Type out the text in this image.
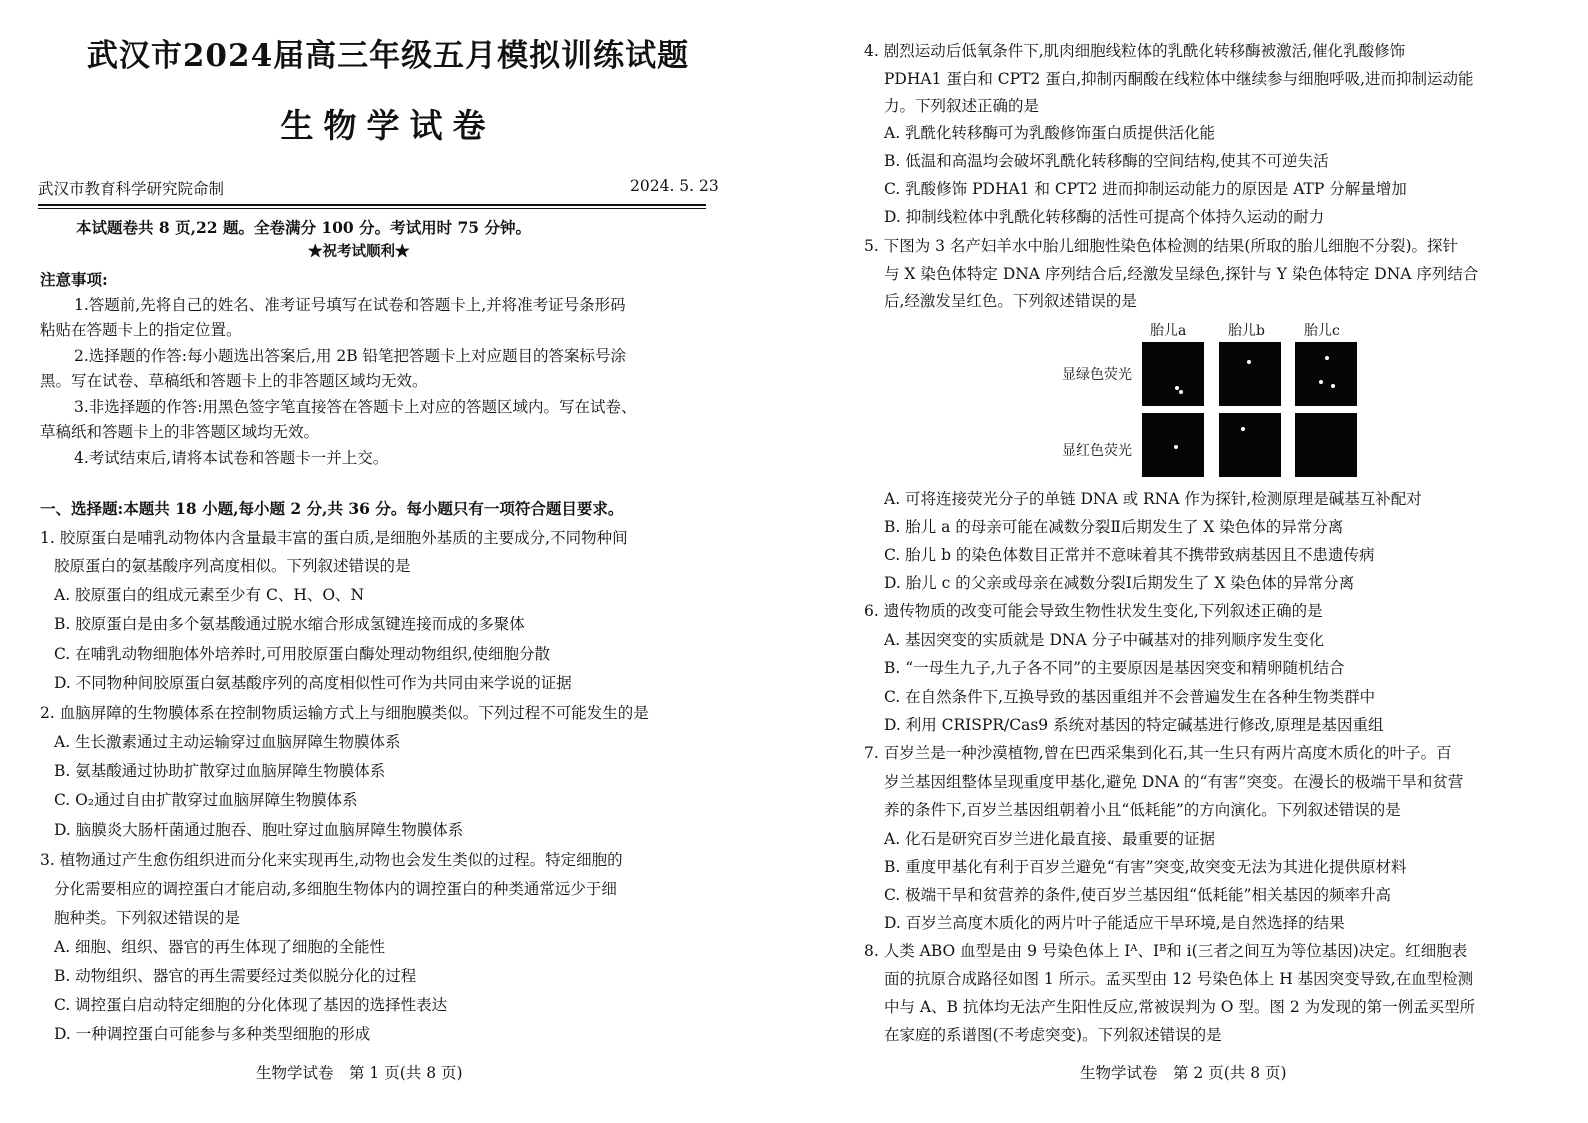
武汉市2024届高三年级五月模拟训练试题
生物学试卷
武汉市教育科学研究院命制	2024. 5. 23
本试题卷共 8 页,22 题。全卷满分 100 分。考试用时 75 分钟。
★祝考试顺利★
注意事项:
1.答题前,先将自己的姓名、准考证号填写在试卷和答题卡上,并将准考证号条形码
粘贴在答题卡上的指定位置。
2.选择题的作答:每小题选出答案后,用 2B 铅笔把答题卡上对应题目的答案标号涂
黑。写在试卷、草稿纸和答题卡上的非答题区域均无效。
3.非选择题的作答:用黑色签字笔直接答在答题卡上对应的答题区域内。写在试卷、
草稿纸和答题卡上的非答题区域均无效。
4.考试结束后,请将本试卷和答题卡一并上交。
一、选择题:本题共 18 小题,每小题 2 分,共 36 分。每小题只有一项符合题目要求。
1. 胶原蛋白是哺乳动物体内含量最丰富的蛋白质,是细胞外基质的主要成分,不同物种间
胶原蛋白的氨基酸序列高度相似。下列叙述错误的是
A. 胶原蛋白的组成元素至少有 C、H、O、N
B. 胶原蛋白是由多个氨基酸通过脱水缩合形成氢键连接而成的多聚体
C. 在哺乳动物细胞体外培养时,可用胶原蛋白酶处理动物组织,使细胞分散
D. 不同物种间胶原蛋白氨基酸序列的高度相似性可作为共同由来学说的证据
2. 血脑屏障的生物膜体系在控制物质运输方式上与细胞膜类似。下列过程不可能发生的是
A. 生长激素通过主动运输穿过血脑屏障生物膜体系
B. 氨基酸通过协助扩散穿过血脑屏障生物膜体系
C. O₂通过自由扩散穿过血脑屏障生物膜体系
D. 脑膜炎大肠杆菌通过胞吞、胞吐穿过血脑屏障生物膜体系
3. 植物通过产生愈伤组织进而分化来实现再生,动物也会发生类似的过程。特定细胞的
分化需要相应的调控蛋白才能启动,多细胞生物体内的调控蛋白的种类通常远少于细
胞种类。下列叙述错误的是
A. 细胞、组织、器官的再生体现了细胞的全能性
B. 动物组织、器官的再生需要经过类似脱分化的过程
C. 调控蛋白启动特定细胞的分化体现了基因的选择性表达
D. 一种调控蛋白可能参与多种类型细胞的形成
生物学试卷　第 1 页(共 8 页)
4. 剧烈运动后低氧条件下,肌肉细胞线粒体的乳酰化转移酶被激活,催化乳酸修饰
PDHA1 蛋白和 CPT2 蛋白,抑制丙酮酸在线粒体中继续参与细胞呼吸,进而抑制运动能
力。下列叙述正确的是
A. 乳酰化转移酶可为乳酸修饰蛋白质提供活化能
B. 低温和高温均会破坏乳酰化转移酶的空间结构,使其不可逆失活
C. 乳酸修饰 PDHA1 和 CPT2 进而抑制运动能力的原因是 ATP 分解量增加
D. 抑制线粒体中乳酰化转移酶的活性可提高个体持久运动的耐力
5. 下图为 3 名产妇羊水中胎儿细胞性染色体检测的结果(所取的胎儿细胞不分裂)。探针
与 X 染色体特定 DNA 序列结合后,经激发呈绿色,探针与 Y 染色体特定 DNA 序列结合
后,经激发呈红色。下列叙述错误的是
胎儿a	胎儿b	胎儿c
显绿色荧光
显红色荧光
A. 可将连接荧光分子的单链 DNA 或 RNA 作为探针,检测原理是碱基互补配对
B. 胎儿 a 的母亲可能在减数分裂Ⅱ后期发生了 X 染色体的异常分离
C. 胎儿 b 的染色体数目正常并不意味着其不携带致病基因且不患遗传病
D. 胎儿 c 的父亲或母亲在减数分裂Ⅰ后期发生了 X 染色体的异常分离
6. 遗传物质的改变可能会导致生物性状发生变化,下列叙述正确的是
A. 基因突变的实质就是 DNA 分子中碱基对的排列顺序发生变化
B. “一母生九子,九子各不同”的主要原因是基因突变和精卵随机结合
C. 在自然条件下,互换导致的基因重组并不会普遍发生在各种生物类群中
D. 利用 CRISPR/Cas9 系统对基因的特定碱基进行修改,原理是基因重组
7. 百岁兰是一种沙漠植物,曾在巴西采集到化石,其一生只有两片高度木质化的叶子。百
岁兰基因组整体呈现重度甲基化,避免 DNA 的“有害”突变。在漫长的极端干旱和贫营
养的条件下,百岁兰基因组朝着小且“低耗能”的方向演化。下列叙述错误的是
A. 化石是研究百岁兰进化最直接、最重要的证据
B. 重度甲基化有利于百岁兰避免“有害”突变,故突变无法为其进化提供原材料
C. 极端干旱和贫营养的条件,使百岁兰基因组“低耗能”相关基因的频率升高
D. 百岁兰高度木质化的两片叶子能适应干旱环境,是自然选择的结果
8. 人类 ABO 血型是由 9 号染色体上 Iᴬ、Iᴮ和 i(三者之间互为等位基因)决定。红细胞表
面的抗原合成路径如图 1 所示。孟买型由 12 号染色体上 H 基因突变导致,在血型检测
中与 A、B 抗体均无法产生阳性反应,常被误判为 O 型。图 2 为发现的第一例孟买型所
在家庭的系谱图(不考虑突变)。下列叙述错误的是
生物学试卷　第 2 页(共 8 页)
